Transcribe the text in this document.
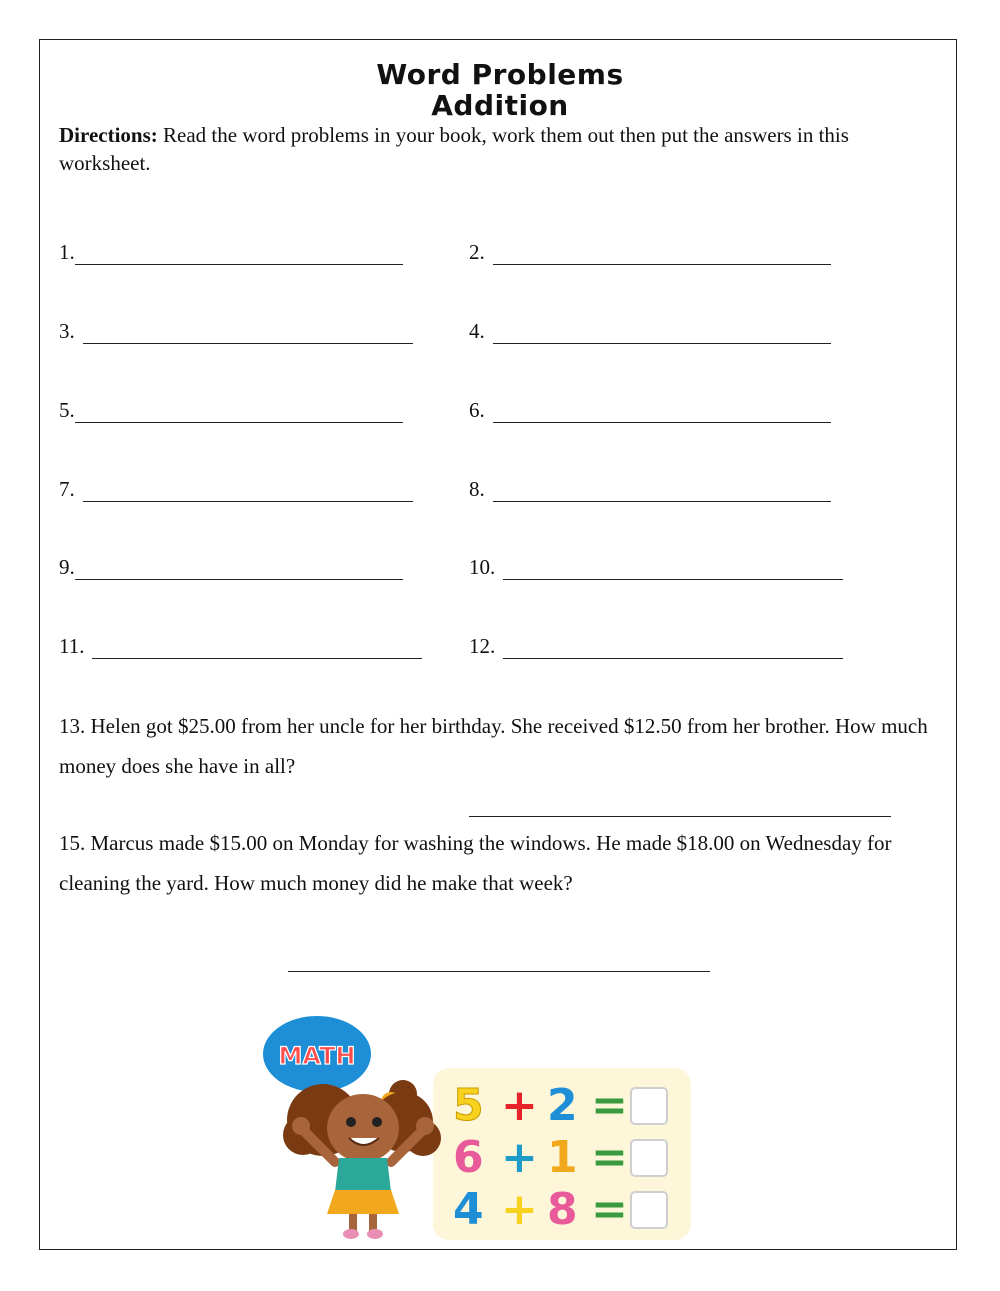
Word Problems
Addition
Directions: Read the word problems in your book, work them out then put the answers in this worksheet.
1.	2.
3.	4.
5.	6.
7.	8.
9.	10.
11.	12.
13. Helen got $25.00 from her uncle for her birthday. She received $12.50 from her brother. How much money does she have in all?
15. Marcus made $15.00 on Monday for washing the windows. He made $18.00 on Wednesday for cleaning the yard. How much money did he make that week?
MATH
5 + 2 =
6 + 1 =
4 + 8 =
